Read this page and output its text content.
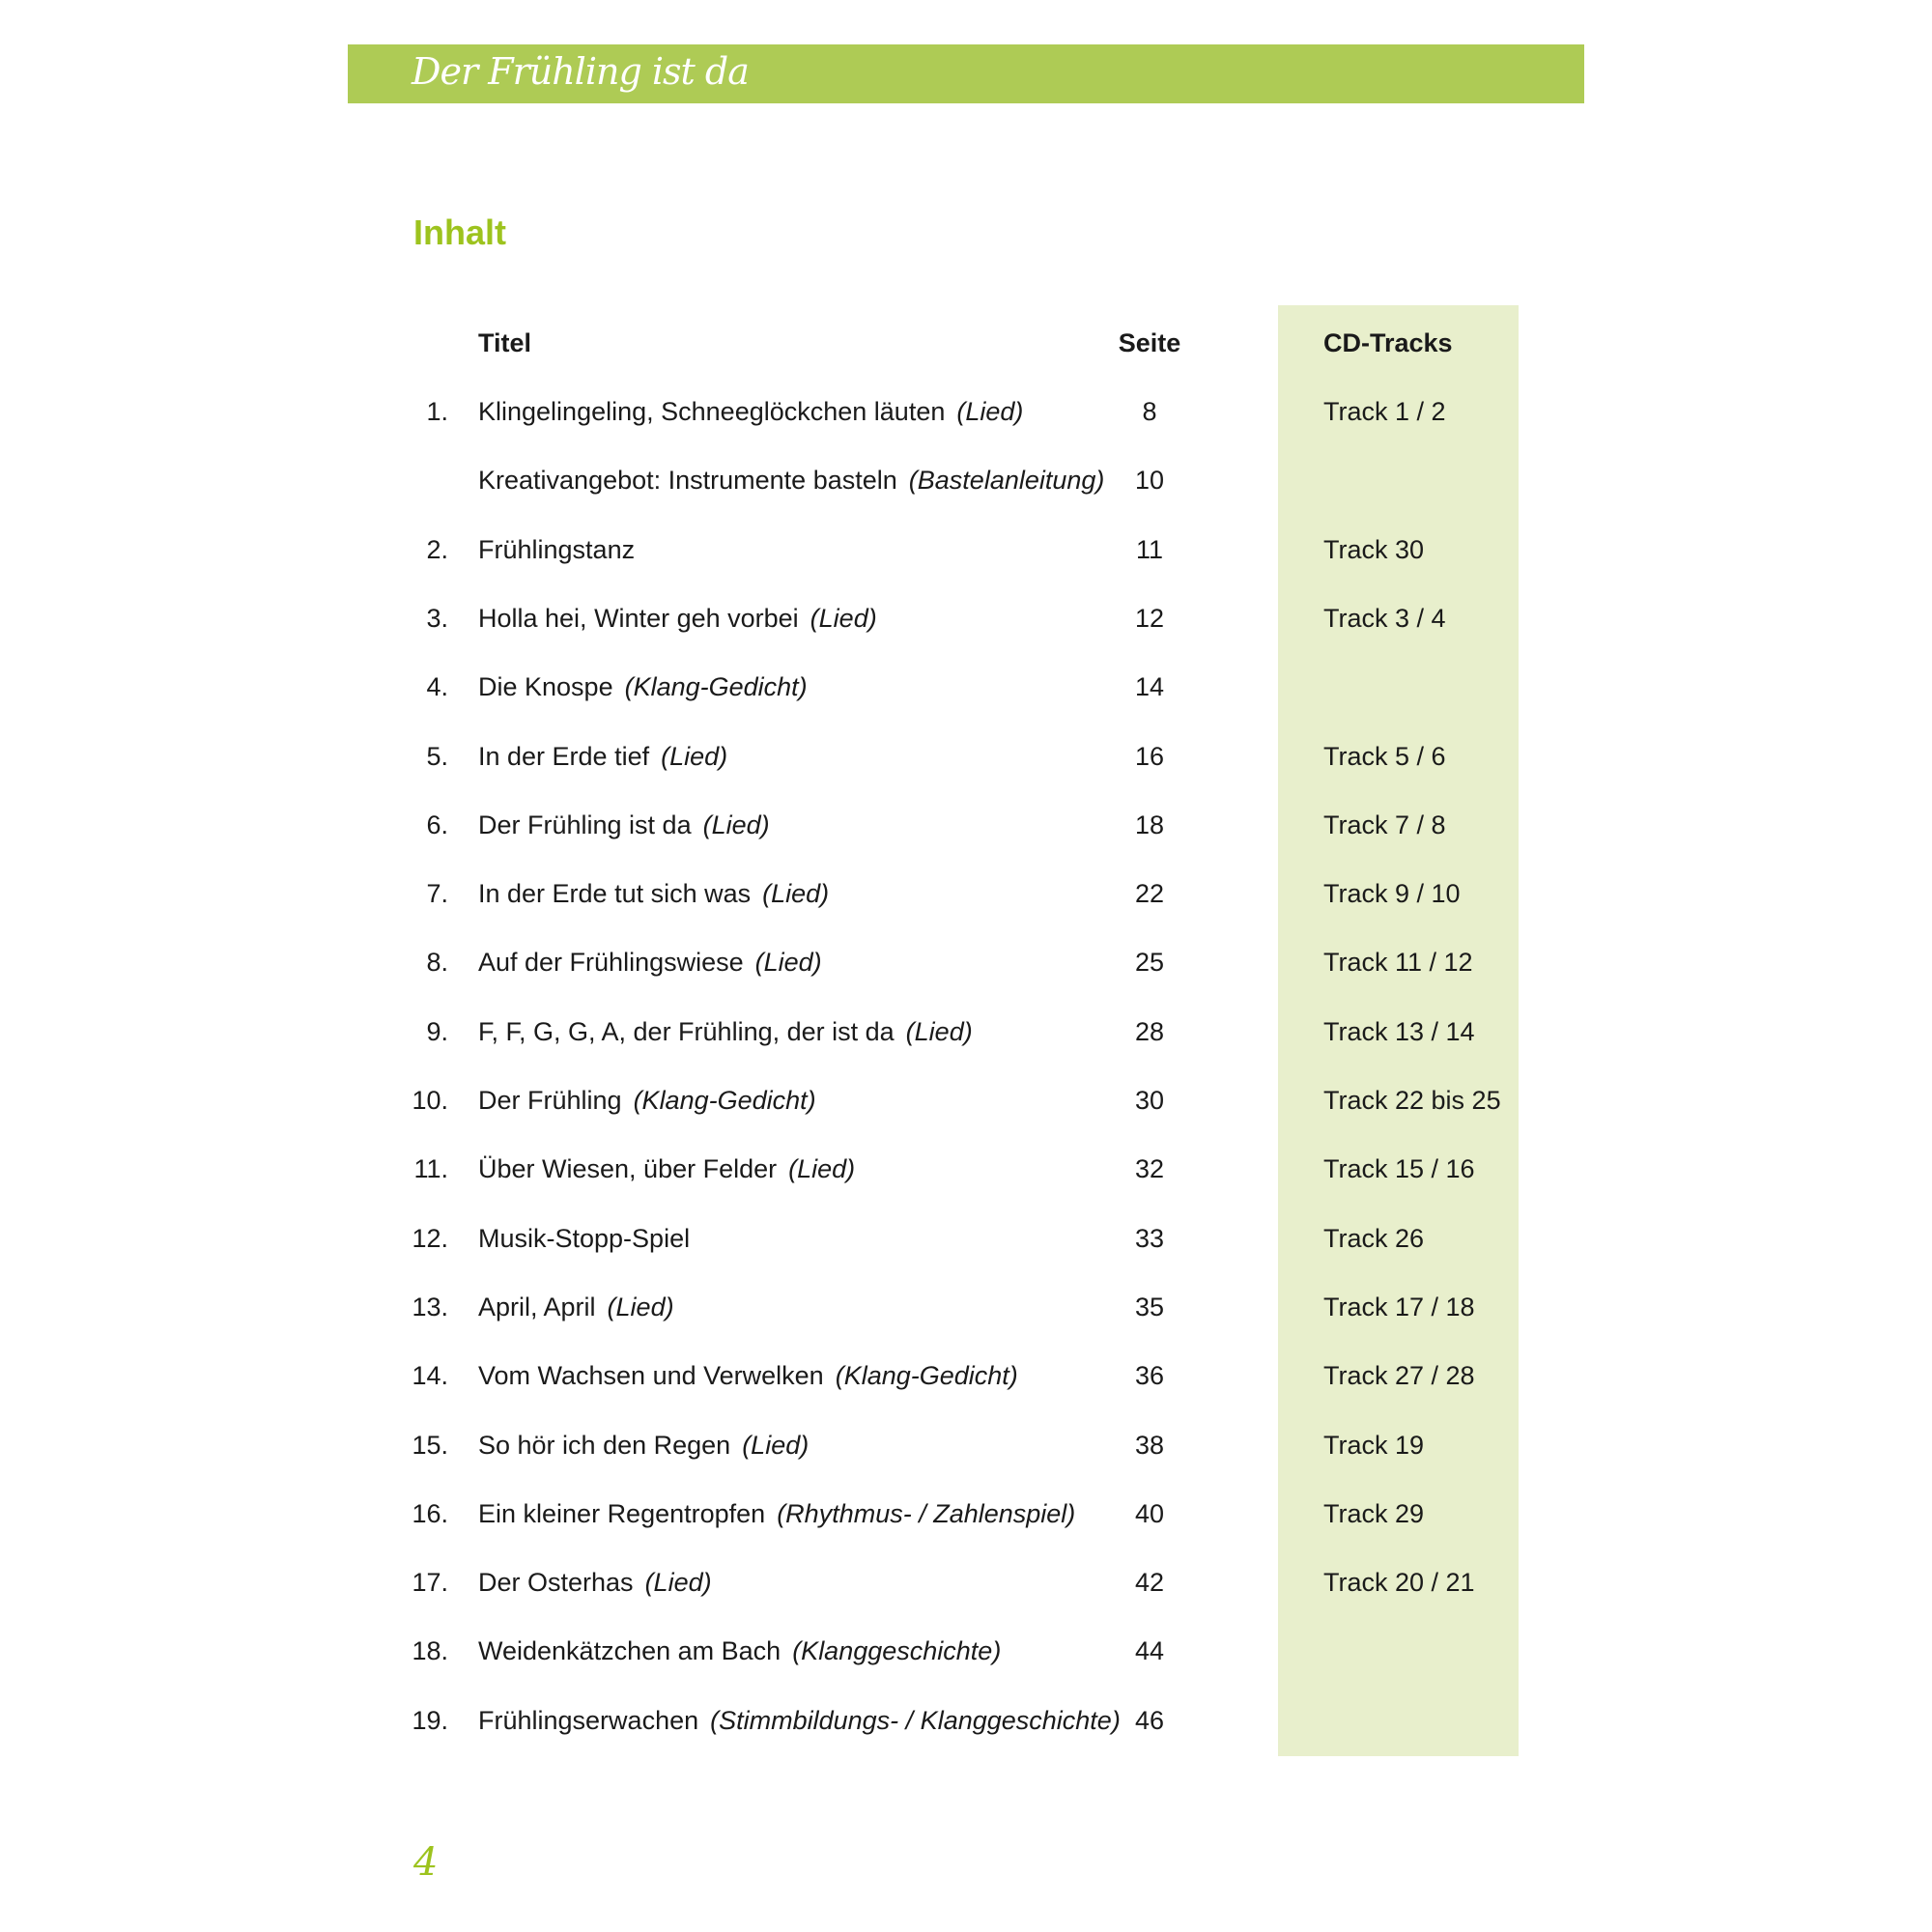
Der Frühling ist da
Inhalt
Titel	Seite	CD-Tracks
1. Klingelingeling, Schneeglöckchen läuten (Lied)	8	Track 1 / 2
Kreativangebot: Instrumente basteln (Bastelanleitung)	10
2. Frühlingstanz	11	Track 30
3. Holla hei, Winter geh vorbei (Lied)	12	Track 3 / 4
4. Die Knospe (Klang-Gedicht)	14
5. In der Erde tief (Lied)	16	Track 5 / 6
6. Der Frühling ist da (Lied)	18	Track 7 / 8
7. In der Erde tut sich was (Lied)	22	Track 9 / 10
8. Auf der Frühlingswiese (Lied)	25	Track 11 / 12
9. F, F, G, G, A, der Frühling, der ist da (Lied)	28	Track 13 / 14
10. Der Frühling (Klang-Gedicht)	30	Track 22 bis 25
11. Über Wiesen, über Felder (Lied)	32	Track 15 / 16
12. Musik-Stopp-Spiel	33	Track 26
13. April, April (Lied)	35	Track 17 / 18
14. Vom Wachsen und Verwelken (Klang-Gedicht)	36	Track 27 / 28
15. So hör ich den Regen (Lied)	38	Track 19
16. Ein kleiner Regentropfen (Rhythmus- / Zahlenspiel)	40	Track 29
17. Der Osterhas (Lied)	42	Track 20 / 21
18. Weidenkätzchen am Bach (Klanggeschichte)	44
19. Frühlingserwachen (Stimmbildungs- / Klanggeschichte) 46
4
